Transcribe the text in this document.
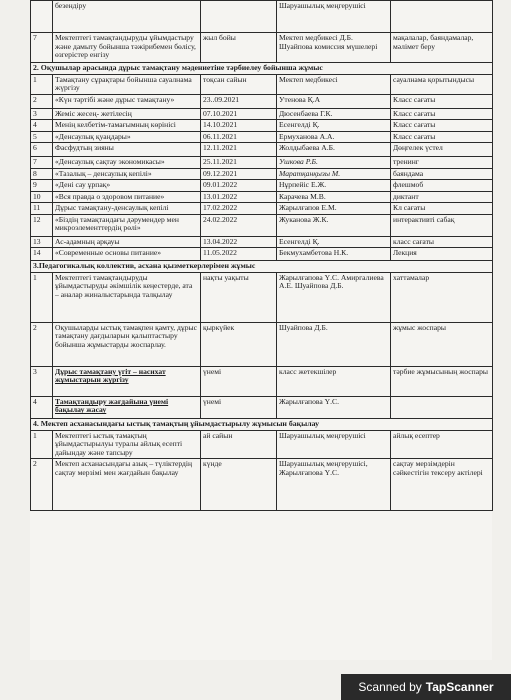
	безендіру		Шаруашылық меңгерушісі	
7	Мектептегі тамақтандыруды ұйымдастыру және дамыту бойынша тәжірибемен бөлісу, өзгерістер енгізу	жыл бойы	Мектеп медбикесі Д.Б. Шуайпова комиссия мүшелері	мақалалар, баяндамалар, мәлімет беру
2. Оқушылар арасында дұрыс тамақтану мәдениетіне тәрбиелеу бойынша жұмыс				
1	Тамақтану сұрақтары бойынша сауалнама жүргізу	тоқсан сайын	Мектеп медбикесі	сауалнама қорытындысы
2	«Күн тәртібі және дұрыс тамақтану»	23..09.2021	Утенова Қ.А	Класс сағаты
3	Жеміс жесең- жетілесің	07.10.2021	Дюсенбаева Г.К.	Класс сағаты
4	Менің келбетім-тамағымның көрінісі	14.10.2021	Есенгелді Қ.	Класс сағаты
5	«Денсаулық қуаңдары»	06.11.2021	Ермуханова А.А.	Класс сағаты
6	Фасфудтың зияны	12.11.2021	Жолдыбаева А.Б.	Дөңгелек үстел
7	«Денсаулық сақтау экономикасы»	25.11.2021	Ушкова Р.Б.	тренинг
8	«Тазалық – денсаулық кепілі»	09.12.2021	Маратқанқызы М.	баяндама
9	«Дені сау ұрпақ»	09.01.2022	Нұрпейіс Е.Ж.	флешмоб
10	«Вся правда о здоровом питание»	13.01.2022	Карачева М.В.	диктант
11	Дұрыс тамақтану-денсаулық кепілі	17.02.2022	Жарылғапов Е.М.	Кл сағаты
12	«Біздің тамақтандағы дәрумендер мен микроэлементтердің рөлі»	24.02.2022	Жуканова Ж.К.	интерактивті сабақ
13	Ас-адамның арқауы	13.04.2022	Есенгелді Қ.	класс сағаты
14	«Современные основы питание»	11.05.2022	Бекмухамбетова Н.К.	Лекция
3.Педагогикалық коллектив, асхана қызметкерлерімен жұмыс				
1	Мектептегі тамақтандыруды ұйымдастыруды әкімшілік кеңестерде, ата – аналар жиналыстарында талқылау	нақты уақыты	Жарылғапова Ү.С. Амиргалиева А.Е. Шуайпова Д.Б.	хаттамалар
2	Оқушыларды ыстық тамақпен қамту, дұрыс тамақтану дағдыларын қалыптастыру бойынша жұмыстарды жоспарлау.	қыркүйек	Шуайпова Д.Б.	жұмыс жоспары
3	Дұрыс тамақтану үгіт – насихат жұмыстарын жүргізу	үнемі	класс жетекшілер	тәрбие жұмысының жоспары
4	Тамақтандыру жағдайына үнемі бақылау жасау	үнемі	Жарылғапова Ү.С.	
4. Мектеп асханасындағы ыстық тамақтың ұйымдастырылу жұмысын бақылау				
1	Мектептегі ыстық тамақтың ұйымдастырылуы туралы айлық есепті дайындау және тапсыру	ай сайын	Шаруашылық меңгерушісі	айлық есептер
2	Мектеп асханасындағы азық – түліктердің сақтау мерзімі мен жағдайын бақылау	күнде	Шаруашылық меңгерушісі, Жарылғапова Ү.С.	сақтау мерзімдерін сәйкестігін тексеру актілері
Scanned by TapScanner
